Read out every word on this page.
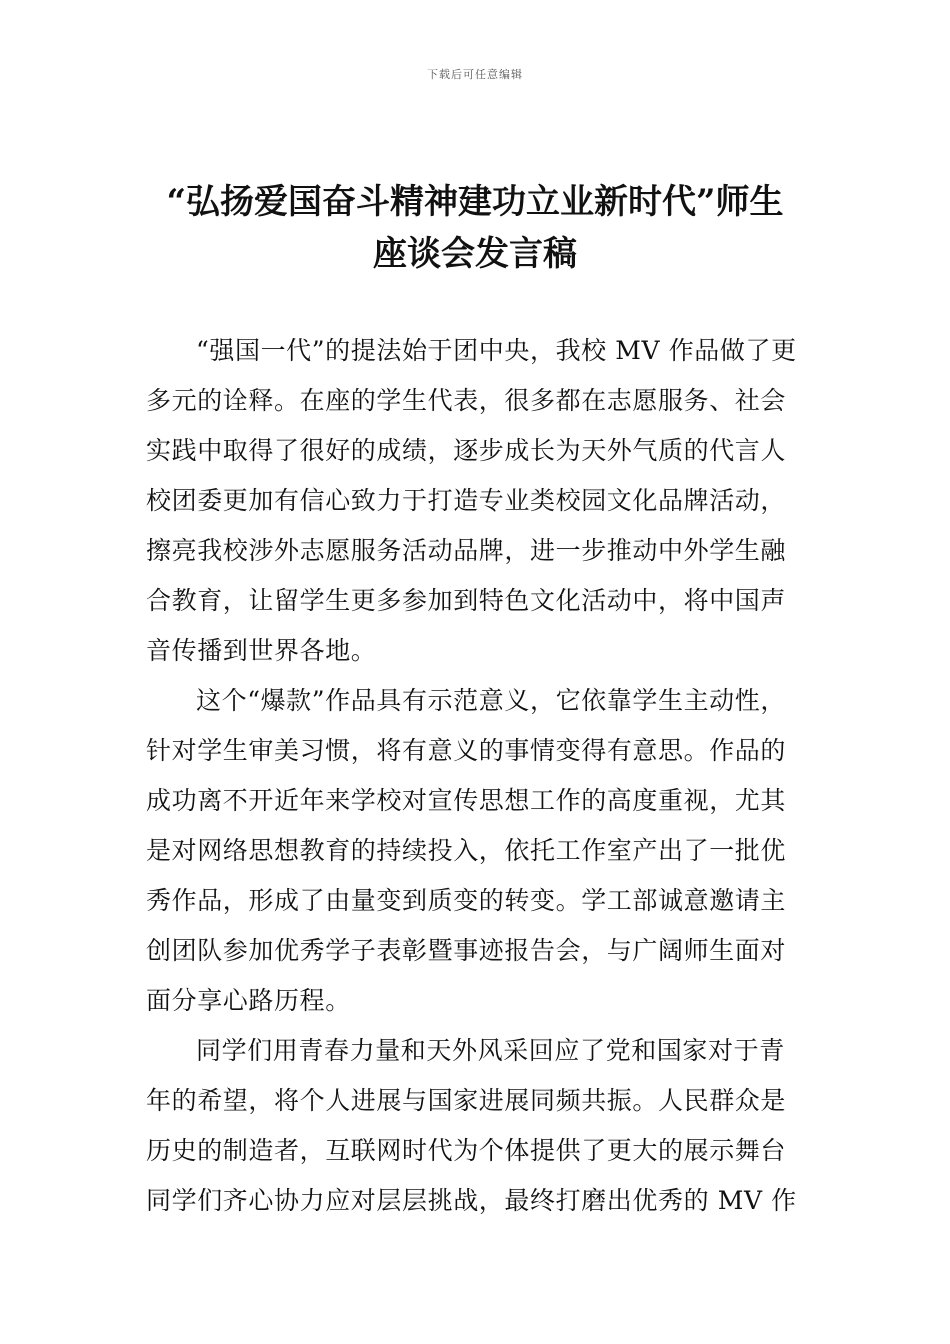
下载后可任意编辑
“弘扬爱国奋斗精神建功立业新时代”师生
座谈会发言稿
“强国一代”的提法始于团中央，我校 MV 作品做了更
多元的诠释。在座的学生代表，很多都在志愿服务、社会
实践中取得了很好的成绩，逐步成长为天外气质的代言人
校团委更加有信心致力于打造专业类校园文化品牌活动，
擦亮我校涉外志愿服务活动品牌，进一步推动中外学生融
合教育，让留学生更多参加到特色文化活动中，将中国声
音传播到世界各地。
这个“爆款”作品具有示范意义，它依靠学生主动性，
针对学生审美习惯，将有意义的事情变得有意思。作品的
成功离不开近年来学校对宣传思想工作的高度重视，尤其
是对网络思想教育的持续投入，依托工作室产出了一批优
秀作品，形成了由量变到质变的转变。学工部诚意邀请主
创团队参加优秀学子表彰暨事迹报告会，与广阔师生面对
面分享心路历程。
同学们用青春力量和天外风采回应了党和国家对于青
年的希望，将个人进展与国家进展同频共振。人民群众是
历史的制造者，互联网时代为个体提供了更大的展示舞台
同学们齐心协力应对层层挑战，最终打磨出优秀的 MV 作
